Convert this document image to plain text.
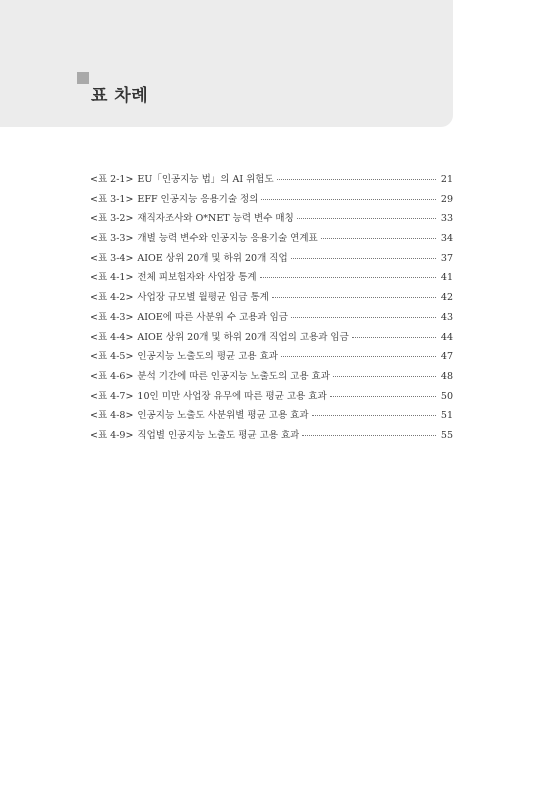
표 차례
<표 2-1> EU「인공지능 법」의 AI 위험도	21
<표 3-1> EFF 인공지능 응용기술 정의	29
<표 3-2> 재직자조사와 O*NET 능력 변수 매칭	33
<표 3-3> 개별 능력 변수와 인공지능 응용기술 연계표	34
<표 3-4> AIOE 상위 20개 및 하위 20개 직업	37
<표 4-1> 전체 피보험자와 사업장 통계	41
<표 4-2> 사업장 규모별 월평균 임금 통계	42
<표 4-3> AIOE에 따른 사분위 수 고용과 임금	43
<표 4-4> AIOE 상위 20개 및 하위 20개 직업의 고용과 임금	44
<표 4-5> 인공지능 노출도의 평균 고용 효과	47
<표 4-6> 분석 기간에 따른 인공지능 노출도의 고용 효과	48
<표 4-7> 10인 미만 사업장 유무에 따른 평균 고용 효과	50
<표 4-8> 인공지능 노출도 사분위별 평균 고용 효과	51
<표 4-9> 직업별 인공지능 노출도 평균 고용 효과	55
